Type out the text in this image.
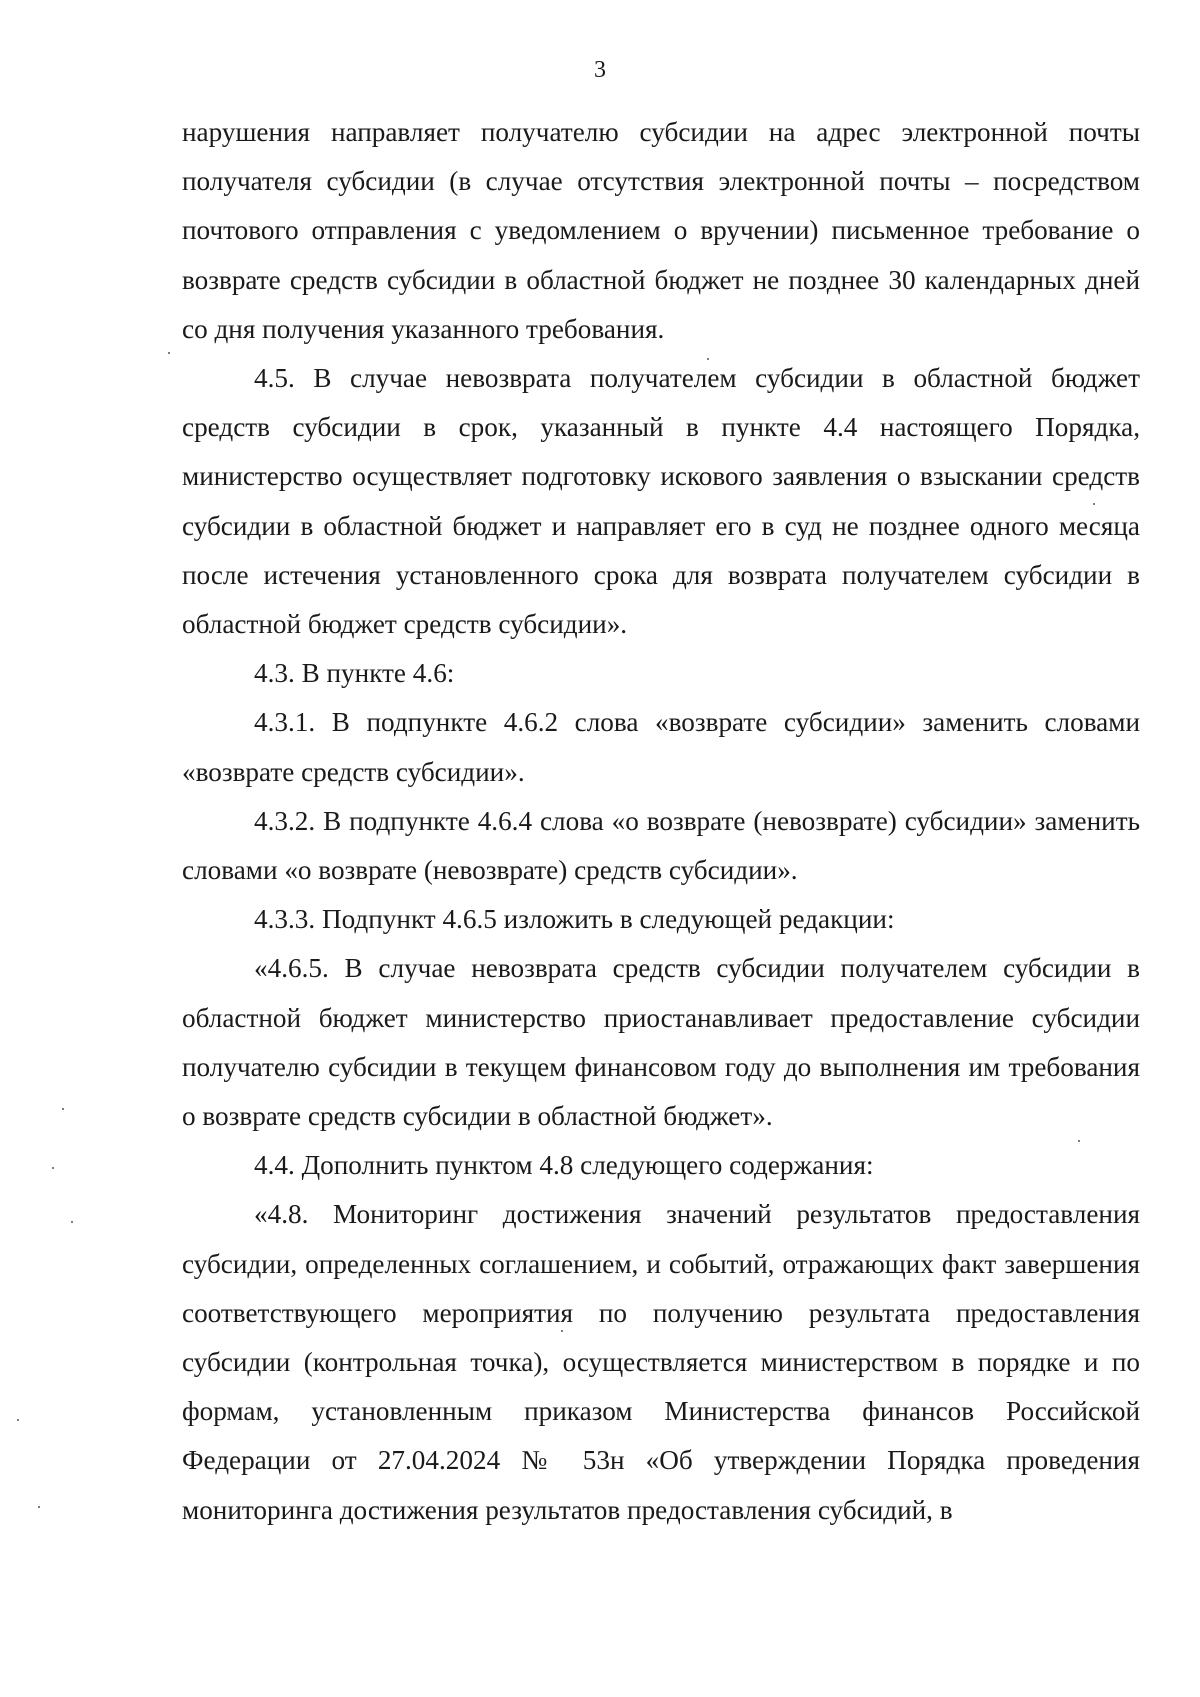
3

нарушения направляет получателю субсидии на адрес электронной почты получателя субсидии (в случае отсутствия электронной почты – посредством почтового отправления с уведомлением о вручении) письменное требование о возврате средств субсидии в областной бюджет не позднее 30 календарных дней со дня получения указанного требования.

4.5. В случае невозврата получателем субсидии в областной бюджет средств субсидии в срок, указанный в пункте 4.4 настоящего Порядка, министерство осуществляет подготовку искового заявления о взыскании средств субсидии в областной бюджет и направляет его в суд не позднее одного месяца после истечения установленного срока для возврата получателем субсидии в областной бюджет средств субсидии».

4.3. В пункте 4.6:

4.3.1. В подпункте 4.6.2 слова «возврате субсидии» заменить словами «возврате средств субсидии».

4.3.2. В подпункте 4.6.4 слова «о возврате (невозврате) субсидии» заменить словами «о возврате (невозврате) средств субсидии».

4.3.3. Подпункт 4.6.5 изложить в следующей редакции:

«4.6.5. В случае невозврата средств субсидии получателем субсидии в областной бюджет министерство приостанавливает предоставление субсидии получателю субсидии в текущем финансовом году до выполнения им требования о возврате средств субсидии в областной бюджет».

4.4. Дополнить пунктом 4.8 следующего содержания:

«4.8. Мониторинг достижения значений результатов предоставления субсидии, определенных соглашением, и событий, отражающих факт завершения соответствующего мероприятия по получению результата предоставления субсидии (контрольная точка), осуществляется министерством в порядке и по формам, установленным приказом Министерства финансов Российской Федерации от 27.04.2024 № 53н «Об утверждении Порядка проведения мониторинга достижения результатов предоставления субсидий, в
